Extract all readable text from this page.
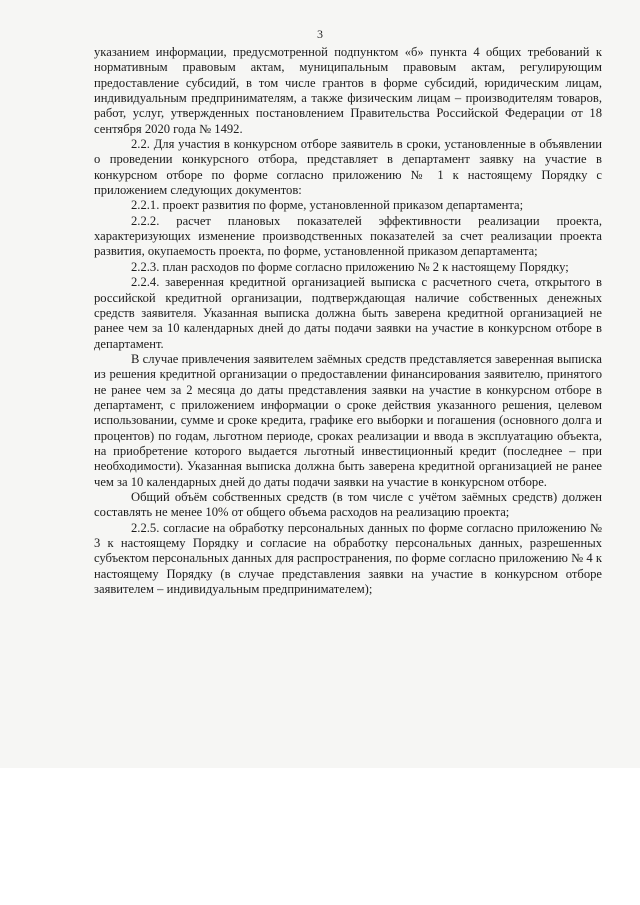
3

указанием информации, предусмотренной подпунктом «б» пункта 4 общих требований к нормативным правовым актам, муниципальным правовым актам, регулирующим предоставление субсидий, в том числе грантов в форме субсидий, юридическим лицам, индивидуальным предпринимателям, а также физическим лицам – производителям товаров, работ, услуг, утвержденных постановлением Правительства Российской Федерации от 18 сентября 2020 года № 1492.

2.2. Для участия в конкурсном отборе заявитель в сроки, установленные в объявлении о проведении конкурсного отбора, представляет в департамент заявку на участие в конкурсном отборе по форме согласно приложению № 1 к настоящему Порядку с приложением следующих документов:

2.2.1. проект развития по форме, установленной приказом департамента;

2.2.2. расчет плановых показателей эффективности реализации проекта, характеризующих изменение производственных показателей за счет реализации проекта развития, окупаемость проекта, по форме, установленной приказом департамента;

2.2.3. план расходов по форме согласно приложению № 2 к настоящему Порядку;

2.2.4. заверенная кредитной организацией выписка с расчетного счета, открытого в российской кредитной организации, подтверждающая наличие собственных денежных средств заявителя. Указанная выписка должна быть заверена кредитной организацией не ранее чем за 10 календарных дней до даты подачи заявки на участие в конкурсном отборе в департамент.

В случае привлечения заявителем заёмных средств представляется заверенная выписка из решения кредитной организации о предоставлении финансирования заявителю, принятого не ранее чем за 2 месяца до даты представления заявки на участие в конкурсном отборе в департамент, с приложением информации о сроке действия указанного решения, целевом использовании, сумме и сроке кредита, графике его выборки и погашения (основного долга и процентов) по годам, льготном периоде, сроках реализации и ввода в эксплуатацию объекта, на приобретение которого выдается льготный инвестиционный кредит (последнее – при необходимости). Указанная выписка должна быть заверена кредитной организацией не ранее чем за 10 календарных дней до даты подачи заявки на участие в конкурсном отборе.

Общий объём собственных средств (в том числе с учётом заёмных средств) должен составлять не менее 10% от общего объема расходов на реализацию проекта;

2.2.5. согласие на обработку персональных данных по форме согласно приложению № 3 к настоящему Порядку и согласие на обработку персональных данных, разрешенных субъектом персональных данных для распространения, по форме согласно приложению № 4 к настоящему Порядку (в случае представления заявки на участие в конкурсном отборе заявителем – индивидуальным предпринимателем);
